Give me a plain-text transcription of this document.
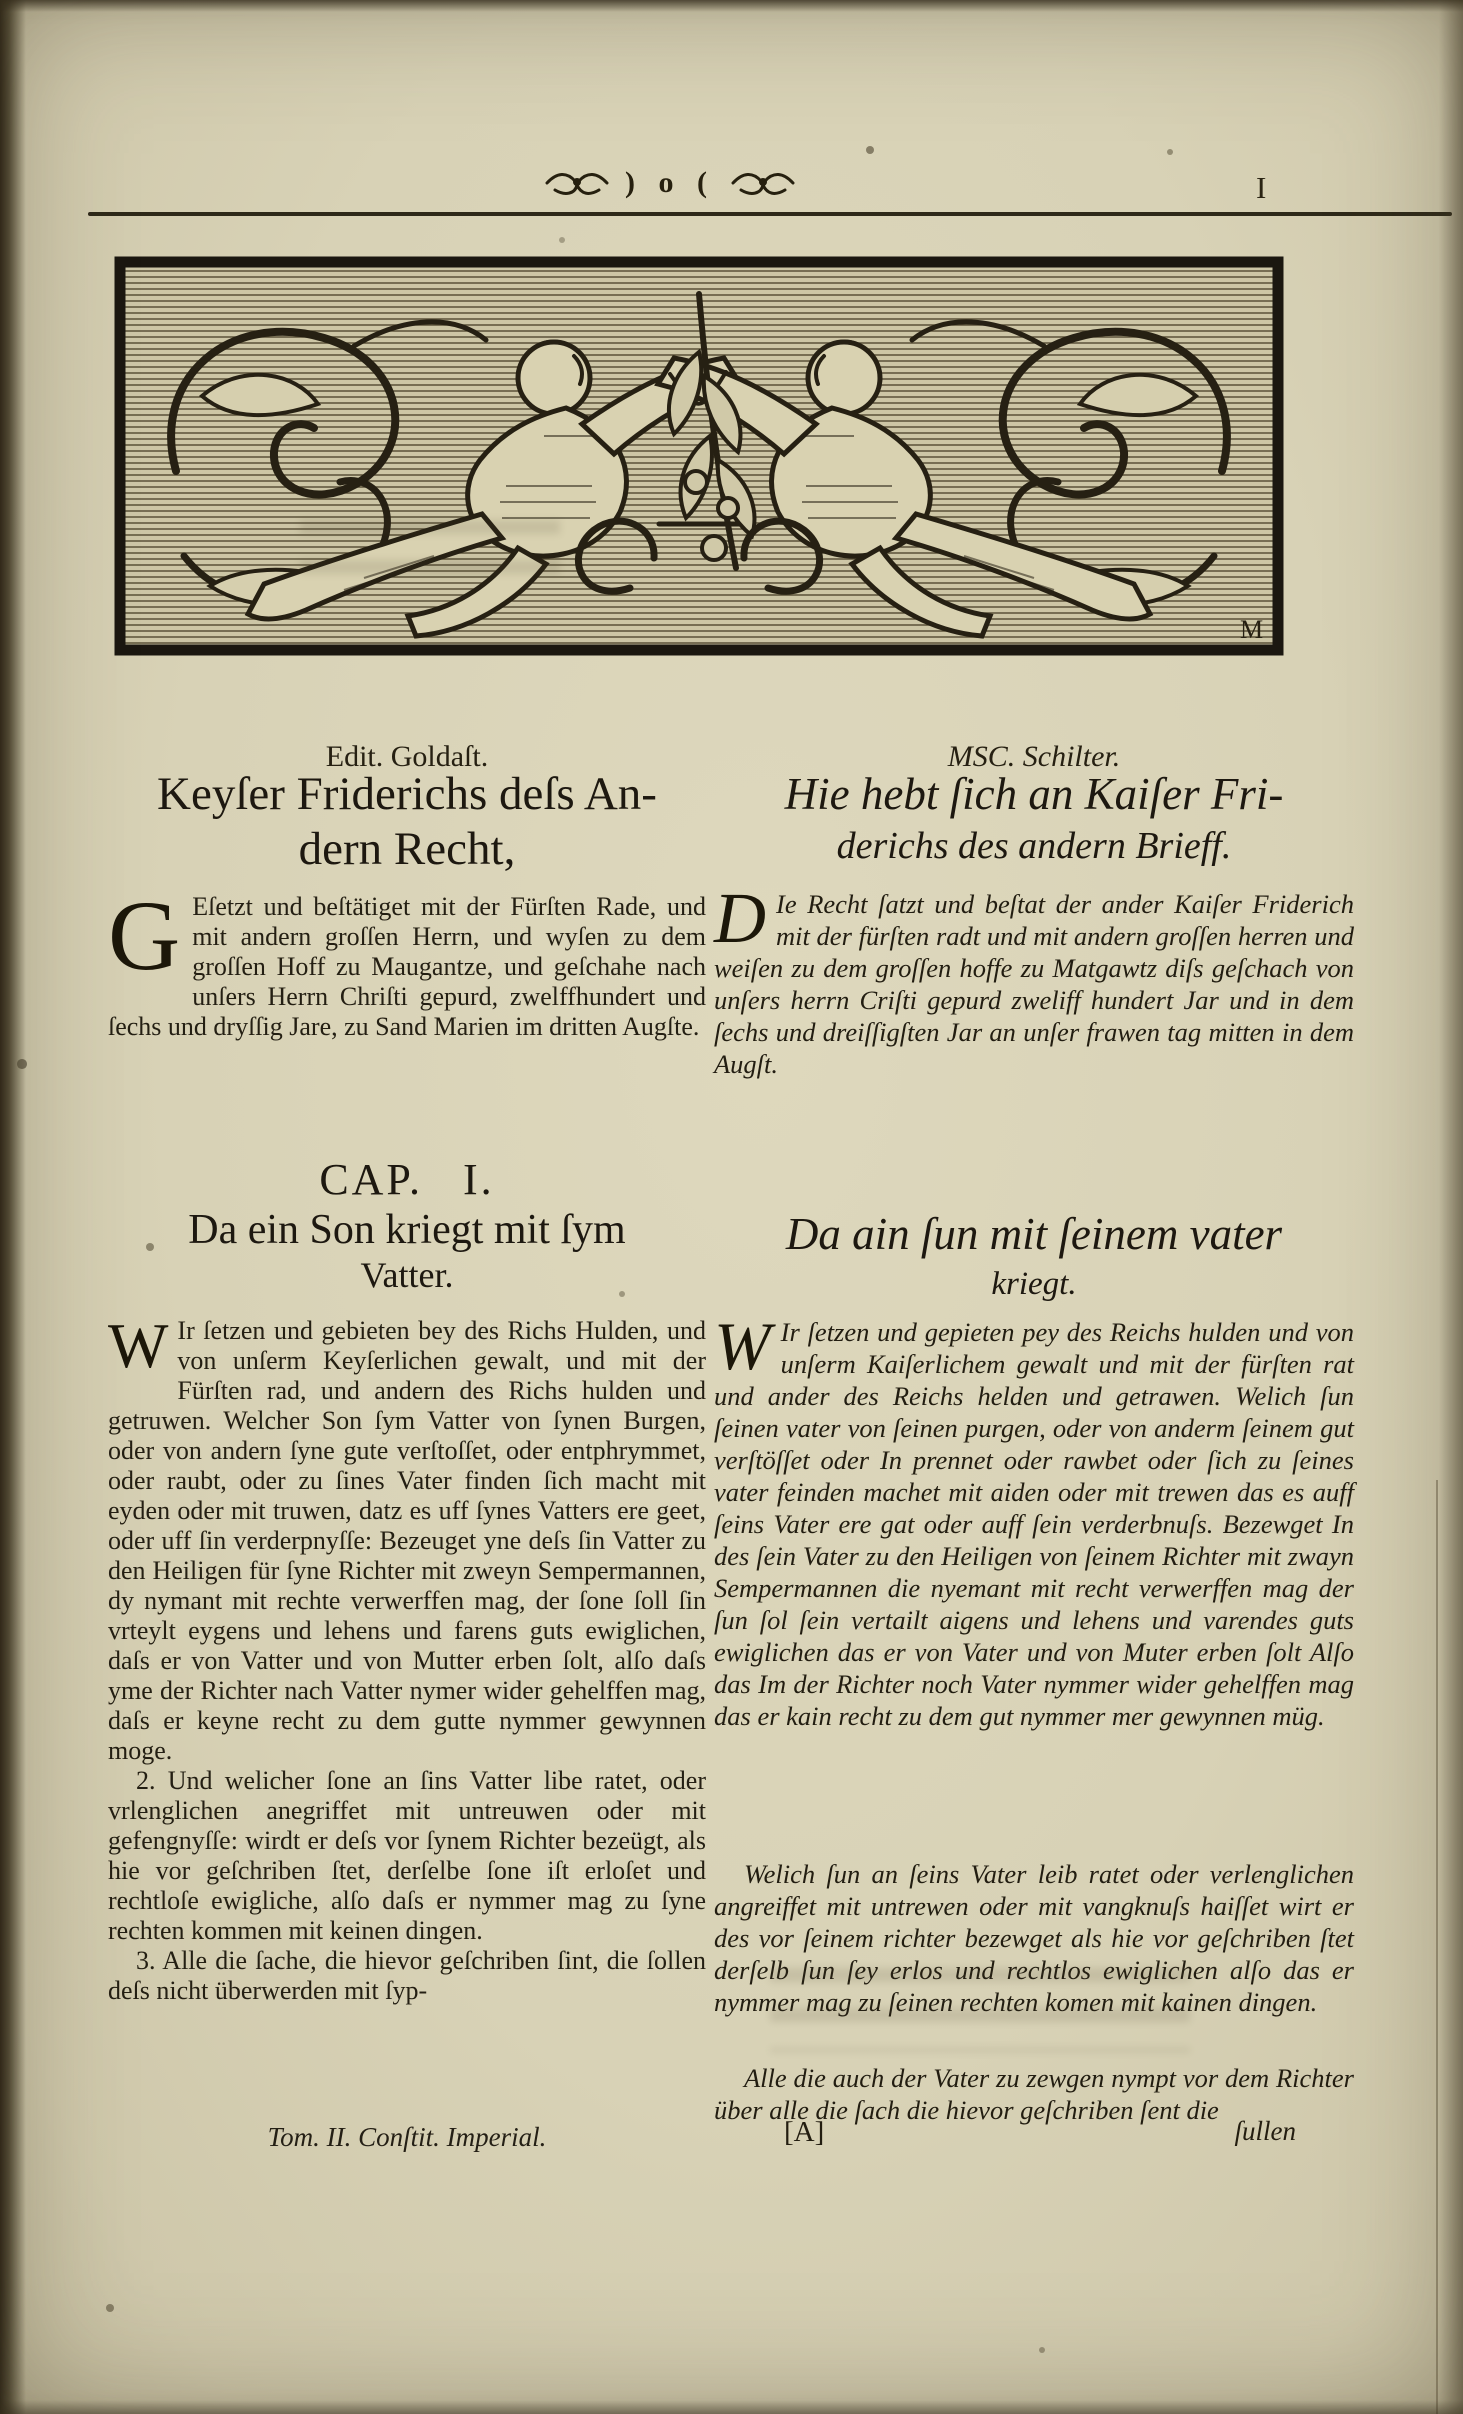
) o (	I
M
Edit. Goldaſt.
Keyſer Friderichs deſs An-
dern Recht,
G Eſetzt und beſtätiget mit der Fürſten Rade, und mit andern groſſen Herrn, und wyſen zu dem groſſen Hoff zu Maugantze, und geſchahe nach unſers Herrn Chriſti gepurd, zwelffhundert und ſechs und dryſſig Jare, zu Sand Marien im dritten Augſte.
CAP. I.
Da ein Son kriegt mit ſym
Vatter.

W Ir ſetzen und gebieten bey des Richs Hulden, und von unſerm Keyſerlichen gewalt, und mit der Fürſten rad, und andern des Richs hulden und getruwen. Welcher Son ſym Vatter von ſynen Burgen, oder von andern ſyne gute verſtoſſet, oder entphrymmet, oder raubt, oder zu ſines Vater finden ſich macht mit eyden oder mit truwen, datz es uff ſynes Vatters ere geet, oder uff ſin verderpnyſſe: Bezeuget yne deſs ſin Vatter zu den Heiligen für ſyne Richter mit zweyn Sempermannen, dy nymant mit rechte verwerffen mag, der ſone ſoll ſin vrteylt eygens und lehens und farens guts ewiglichen, daſs er von Vatter und von Mutter erben ſolt, alſo daſs yme der Richter nach Vatter nymer wider gehelffen mag, daſs er keyne recht zu dem gutte nymmer gewynnen moge.

2. Und welicher ſone an ſins Vatter libe ratet, oder vrlenglichen anegriffet mit untreuwen oder mit gefengnyſſe: wirdt er deſs vor ſynem Richter bezeügt, als hie vor geſchriben ſtet, derſelbe ſone iſt erloſet und rechtloſe ewigliche, alſo daſs er nymmer mag zu ſyne rechten kommen mit keinen dingen.

3. Alle die ſache, die hievor geſchriben ſint, die ſollen deſs nicht überwerden mit ſyp-

Tom. II. Conſtit. Imperial.
MSC. Schilter.
Hie hebt ſich an Kaiſer Fri-
derichs des andern Brieff.
D Ie Recht ſatzt und beſtat der ander Kaiſer Friderich mit der fürſten radt und mit andern groſſen herren und weiſen zu dem groſſen hoffe zu Matgawtz diſs geſchach von unſers herrn Criſti gepurd zweliff hundert Jar und in dem ſechs und dreiſſigſten Jar an unſer frawen tag mitten in dem Augſt.
Da ain ſun mit ſeinem vater
kriegt.
W Ir ſetzen und gepieten pey des Reichs hulden und von unſerm Kaiſerlichem gewalt und mit der fürſten rat und ander des Reichs helden und getrawen. Welich ſun ſeinen vater von ſeinen purgen, oder von anderm ſeinem gut verſtöſſet oder In prennet oder rawbet oder ſich zu ſeines vater feinden machet mit aiden oder mit trewen das es auff ſeins Vater ere gat oder auff ſein verderbnuſs. Bezewget In des ſein Vater zu den Heiligen von ſeinem Richter mit zwayn Sempermannen die nyemant mit recht verwerffen mag der ſun ſol ſein vertailt aigens und lehens und varendes guts ewiglichen das er von Vater und von Muter erben ſolt Alſo das Im der Richter noch Vater nymmer wider gehelffen mag das er kain recht zu dem gut nymmer mer gewynnen müg.
Welich ſun an ſeins Vater leib ratet oder verlenglichen angreiffet mit untrewen oder mit vangknuſs haiſſet wirt er des vor ſeinem richter bezewget als hie vor geſchriben ſtet derſelb ſun ſey erlos und rechtlos ewiglichen alſo das er nymmer mag zu ſeinen rechten komen mit kainen dingen.
Alle die auch der Vater zu zewgen nympt vor dem Richter über alle die ſach die hievor geſchriben ſent die
[A]	ſullen
